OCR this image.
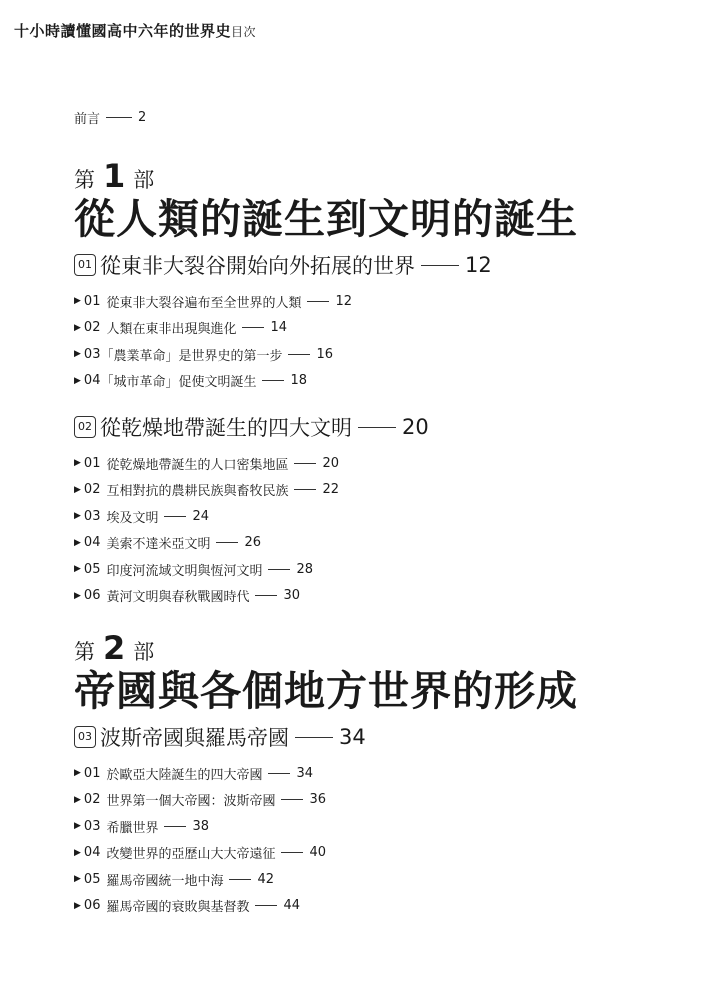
十小時讀懂國高中六年的世界史目次
前言	2
第 1 部
從人類的誕生到文明的誕生
01 從東非大裂谷開始向外拓展的世界 12
▶ 01 從東非大裂谷遍布至全世界的人類	12
▶ 02 人類在東非出現與進化	14
▶ 03 「農業革命」是世界史的第一步	16
▶ 04 「城市革命」促使文明誕生	18
02 從乾燥地帶誕生的四大文明 20
▶ 01 從乾燥地帶誕生的人口密集地區	20
▶ 02 互相對抗的農耕民族與畜牧民族	22
▶ 03 埃及文明	24
▶ 04 美索不達米亞文明	26
▶ 05 印度河流域文明與恆河文明	28
▶ 06 黃河文明與春秋戰國時代	30
第 2 部
帝國與各個地方世界的形成
03 波斯帝國與羅馬帝國 34
▶ 01 於歐亞大陸誕生的四大帝國	34
▶ 02 世界第一個大帝國：波斯帝國	36
▶ 03 希臘世界	38
▶ 04 改變世界的亞歷山大大帝遠征	40
▶ 05 羅馬帝國統一地中海	42
▶ 06 羅馬帝國的衰敗與基督教	44
